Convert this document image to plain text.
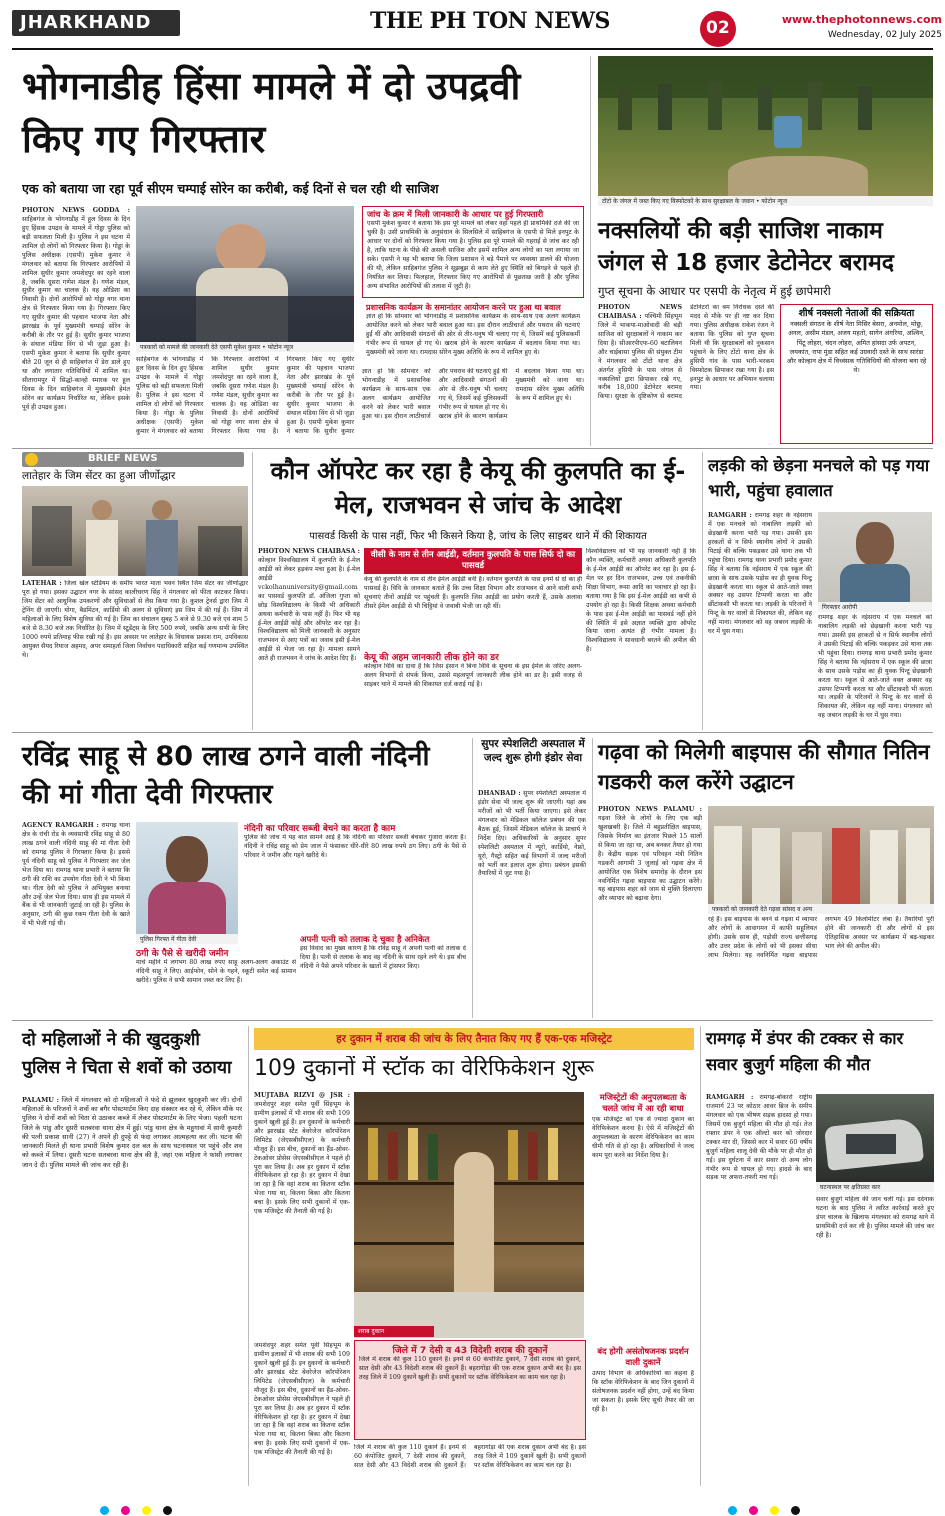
JHARKHAND	THE PH TON NEWS	02	www.thephotonnews.com
Wednesday, 02 July 2025
भोगनाडीह हिंसा मामले में दो उपद्रवी किए गए गिरफ्तार
एक को बताया जा रहा पूर्व सीएम चम्पाई सोरेन का करीबी, कई दिनों से चल रही थी साजिश

PHOTON NEWS GODDA : साहिबगंज के भोगनाडीह में हूल दिवस के दिन हुए हिंसक उपद्रव के मामले में गोड्डा पुलिस को बड़ी सफलता मिली है। पुलिस ने इस घटना में शामिल दो लोगों को गिरफ्तार किया है। गोड्डा के पुलिस अधीक्षक (एसपी) मुकेश कुमार ने मंगलवार को बताया कि गिरफ्तार आरोपियों में शामिल सुधीर कुमार जमशेदपुर का रहने वाला है, जबकि दूसरा गणेश मंडल है। गणेश मंडल, सुधीर कुमार का चालक है। वह ओडिशा का निवासी है। दोनों आरोपियों को गोड्डा नगर थाना क्षेत्र से गिरफ्तार किया गया है। गिरफ्तार किए गए सुधीर कुमार की पहचान भाजपा नेता और झारखंड के पूर्व मुख्यमंत्री चम्पाई सोरेन के करीबी के तौर पर हुई है। सुधीर कुमार भाजपा के संथाल मंडिया विंग से भी जुड़ा हुआ है। एसपी मुकेश कुमार ने बताया कि सुधीर कुमार बीते 20 जून से ही साहिबगंज में डेरा डाले हुए था और लगातार गतिविधियों में शामिल था। सीतारामपुर में सिद्धो-कान्हो स्मारक पर हूल दिवस के दिन साहिबगंज में मुख्यमंत्री हेमंत सोरेन का कार्यक्रम निर्धारित था, लेकिन इसके पूर्व ही उपद्रव हुआ।

पत्रकारों को मामले की जानकारी देते एसपी मुकेश कुमार • फोटोन न्यूज

साहिबगंज के भोगनाडीह में हूल दिवस के दिन हुए हिंसक उपद्रव के मामले में गोड्डा पुलिस को बड़ी सफलता मिली है। पुलिस ने इस घटना में शामिल दो लोगों को गिरफ्तार किया है। गोड्डा के पुलिस अधीक्षक (एसपी) मुकेश कुमार ने मंगलवार को बताया कि गिरफ्तार आरोपियों में शामिल सुधीर कुमार जमशेदपुर का रहने वाला है, जबकि दूसरा गणेश मंडल है। गणेश मंडल, सुधीर कुमार का चालक है। वह ओडिशा का निवासी है। दोनों आरोपियों को गोड्डा नगर थाना क्षेत्र से गिरफ्तार किया गया है। गिरफ्तार किए गए सुधीर कुमार की पहचान भाजपा नेता और झारखंड के पूर्व मुख्यमंत्री चम्पाई सोरेन के करीबी के तौर पर हुई है। सुधीर कुमार भाजपा के संथाल मंडिया विंग से भी जुड़ा हुआ है। एसपी मुकेश कुमार ने बताया कि सुधीर कुमार

जांच के क्रम में मिली जानकारी के आधार पर हुई गिरफ्तारी
एसपी मुकेश कुमार ने बताया कि इस पूरे मामले को लेकर वहां पहले ही प्राथमिकी दर्ज की जा चुकी है। उसी प्राथमिकी के अनुसंधान के सिलसिले में साहिबगंज के एसपी से मिले इनपुट के आधार पर दोनों को गिरफ्तार किया गया है। पुलिस इस पूरे मामले की गहराई से जांच कर रही है, ताकि घटना के पीछे की असली साजिश और इसमें शामिल अन्य लोगों का पता लगाया जा सके। एसपी ने यह भी बताया कि जिला प्रशासन ने बड़े पैमाने पर व्यवस्था डालने की योजना की थी, लेकिन साहिबगंज पुलिस ने सूझबूझ से काम लेते हुए स्थिति को बिगड़ने से पहले ही नियंत्रित कर लिया। फिलहाल, गिरफ्तार किए गए आरोपियों से पूछताछ जारी है और पुलिस अन्य संभावित आरोपियों की तलाश में जुटी है।
प्रशासनिक कार्यक्रम के समानांतर आयोजन करने पर हुआ था बवाल
ज्ञात हो कि सोमवार को भोगनाडीह में प्रशासनिक कार्यक्रम के साथ-साथ एक अलग कार्यक्रम आयोजित करने को लेकर भारी बवाल हुआ था। इस दौरान लाठीचार्ज और पथराव की घटनाएं हुईं थीं और आदिवासी संगठनों की ओर से तीर-धनुष भी चलाए गए थे, जिसमें कई पुलिसकर्मी गंभीर रूप से घायल हो गए थे। खराब होने के कारण कार्यक्रम में बदलाव किया गया था। मुख्यमंत्री को जाना था। रामदास सोरेन मुख्य अतिथि के रूप में शामिल हुए थे।

ज्ञात हो कि सोमवार को भोगनाडीह में प्रशासनिक कार्यक्रम के साथ-साथ एक अलग कार्यक्रम आयोजित करने को लेकर भारी बवाल हुआ था। इस दौरान लाठीचार्ज और पथराव की घटनाएं हुईं थीं और आदिवासी संगठनों की ओर से तीर-धनुष भी चलाए गए थे, जिसमें कई पुलिसकर्मी गंभीर रूप से घायल हो गए थे। खराब होने के कारण कार्यक्रम में बदलाव किया गया था। मुख्यमंत्री को जाना था। रामदास सोरेन मुख्य अतिथि के रूप में शामिल हुए थे।

टोंटो के जंगल में जब्त किए गए विस्फोटकों के साथ सुरक्षाबल के जवान • फोटोन न्यूज
नक्सलियों की बड़ी साजिश नाकाम जंगल से 18 हजार डेटोनेटर बरामद
गुप्त सूचना के आधार पर एसपी के नेतृत्व में हुई छापेमारी

PHOTON NEWS CHAIBASA : पश्चिमी सिंहभूम जिले में भाकपा-माओवादी की बड़ी साजिश को सुरक्षाबलों ने नाकाम कर दिया है। सीआरपीएफ-60 बटालियन और चाईबासा पुलिस की संयुक्त टीम ने मंगलवार को टोंटो थाना क्षेत्र अंतर्गत हुसिपी के पास जंगल से नक्सलियों द्वारा छिपाकर रखे गए, करीब 18,000 डेटोनेटर बरामद किया। सुरक्षा के दृष्टिकोण से बरामद डेटोनेटरों का बम निरोधक दस्ते की मदद से मौके पर ही नष्ट कर दिया गया। पुलिस अधीक्षक राकेश रंजन ने बताया कि पुलिस को गुप्त सूचना मिली थी कि सुरक्षाबलों को नुकसान पहुंचाने के लिए टोंटो थाना क्षेत्र के हुसिपी गांव के पास भारी-भरकम विस्फोटक छिपाकर रखा गया है। इस इनपुट के आधार पर अभियान चलाया गया।

शीर्ष नक्सली नेताओं की सक्रियता
नक्सली संगठन के शीर्ष नेता मिसिर बेसरा, अनमोल, मोछु, अनल, असीम मंडल, अजय महतो, सागेन अंगरिया, अश्विन, पिंटू लोहरा, चंदन लोहरा, अमित हांसदा उर्फ अपटन, जयकांत, रापा मुंडा सहित कई उग्रवादी दस्ते के साथ सारंडा और कोल्हान क्षेत्र में विध्वंसक गतिविधियों की योजना बना रहे थे।
BRIEF NEWS
लातेहार के जिम सेंटर का हुआ जीर्णोद्धार

LATEHAR : जिला खेल स्टेडियम के समीप भारत माता भवन स्थित जिम सेंटर का जीर्णोद्धार पूरा हो गया। इसका उद्घाटन नगर के सांसद कालीचरण सिंह ने मंगलवार को फीता काटकर किया। जिम सेंटर को आधुनिक उपकरणों और सुविधाओं से लैस किया गया है। कुशल ट्रेनर्स द्वारा जिम में ट्रेनिंग दी जाएगी। योगा, बैडमिंटन, कार्डियो की अलग से सुविधाएं इस जिम में की गई हैं। जिम में महिलाओं के लिए विशेष सुविधा की गई है। जिम का संचालन सुबह 5 बजे से 9.30 बजे एवं शाम 5 बजे से 8.30 बजे तक निर्धारित है। जिम में स्टूडेंट्स के लिए 500 रुपये, जबकि अन्य सभी के लिए 1000 रुपये प्रतिमाह फीस रखी गई है। इस अवसर पर लातेहार के विधायक प्रकाश राम, उपविकास आयुक्त सैयद रियाज अहमद, अपर समाहर्ता जिला निर्वाचन पदाधिकारी सहित कई गणमान्य उपस्थित थे।

कौन ऑपरेट कर रहा है केयू की कुलपति का ई-मेल, राजभवन से जांच के आदेश
पासवर्ड किसी के पास नहीं, फिर भी किसने किया है, जांच के लिए साइबर थाने में की शिकायत

PHOTON NEWS CHAIBASA : कोल्हान विश्वविद्यालय में कुलपति के ई-मेल आईडी को लेकर हड़कंप मचा हुआ है। ई-मेल आईडी vckolhanuniversity@gmail.com का पासवर्ड कुलपति डॉ. अंजिला गुप्ता को छोड़ विश्वविद्यालय के किसी भी अधिकारी अथवा कर्मचारी के पास नहीं है। फिर भी यह ई-मेल आईडी कोई और ऑपरेट कर रहा है। विश्वविद्यालय को मिली जानकारी के अनुसार राजभवन से आए पत्रों का जवाब इसी ई-मेल आईडी से भेजा जा रहा है। मामला सामने आते ही राजभवन ने जांच के आदेश दिए हैं।

वीसी के नाम से तीन आईडी, वर्तमान कुलपति के पास सिर्फ दो का पासवर्ड
केयू की कुलपति के नाम से तीन ईमेल आईडी बनी है। वर्तमान कुलपति के पास इनमें से दो का ही पासवर्ड है। विवि के जानकार बताते हैं कि उच्च शिक्षा विभाग और राजभवन से आने वाली सभी सूचनाएं तीनों आईडी पर पहुंचती हैं। कुलपति जिस आईडी का प्रयोग करती हैं, उसके अलावा तीसरे ईमेल आईडी से भी चिट्ठियां वे जवाबी भेजी जा रही थीं।
केयू की अहम जानकारी लीक होने का डर
कोल्हान विवि का दावा है कि जिस इंसान ने बिना विवि के सूचना के इस ईमेल के जरिए अलग-अलग विभागों से संपर्क किया, उससे महत्वपूर्ण जानकारी लीक होने का डर है। इसी वजह से साइबर थाने में मामले की शिकायत दर्ज कराई गई है।

विश्वविद्यालय को भी यह जानकारी नहीं है कि कौन व्यक्ति, कर्मचारी अथवा अधिकारी कुलपति के ई-मेल आईडी का ऑपरेट कर रहा है। इस ई-मेल पर हर दिन राजभवन, उच्च एवं तकनीकी शिक्षा विभाग, रूसा आदि का पत्राचार हो रहा है। बताया गया है कि इस ई-मेल आईडी का कभी से उपयोग हो रहा है। किसी शिक्षक अथवा कर्मचारी के पास इस ई-मेल आईडी का पासवर्ड नहीं होने की स्थिति में इसे अज्ञात व्यक्ति द्वारा ऑपरेट किया जाना अत्यंत ही गंभीर मामला है। विश्वविद्यालय ने सावधानी बरतने की अपील की है।

लड़की को छेड़ना मनचले को पड़ गया भारी, पहुंचा हवालात

RAMGARH : रामगढ़ शहर के नईसराय में एक मनचले को नाबालिग लड़की को छेड़खानी करना भारी पड़ गया। उसकी इस हरकतों से न सिर्फ स्थानीय लोगों ने उसकी पिटाई की बल्कि पकड़कर उसे थाना तक भी पहुंचा दिया। रामगढ़ थाना प्रभारी प्रमोद कुमार सिंह ने बताया कि नईसराय में एक स्कूल की छात्रा के साथ उसके पड़ोस का ही युवक पिन्टू छेड़खानी करता था। स्कूल से आते-जाते वक्त अक्सर वह उसपर टिप्पणी करता था और छींटाकशी भी करता था। लड़की के परिजनों ने पिन्टू के घर वालों से शिकायत की, लेकिन वह नहीं माना। मंगलवार को वह जबरन लड़की के घर में घुस गया।

गिरफ्तार आरोपी

रामगढ़ शहर के नईसराय में एक मनचले को नाबालिग लड़की को छेड़खानी करना भारी पड़ गया। उसकी इस हरकतों से न सिर्फ स्थानीय लोगों ने उसकी पिटाई की बल्कि पकड़कर उसे थाना तक भी पहुंचा दिया। रामगढ़ थाना प्रभारी प्रमोद कुमार सिंह ने बताया कि नईसराय में एक स्कूल की छात्रा के साथ उसके पड़ोस का ही युवक पिन्टू छेड़खानी करता था। स्कूल से आते-जाते वक्त अक्सर वह उसपर टिप्पणी करता था और छींटाकशी भी करता था। लड़की के परिजनों ने पिन्टू के घर वालों से शिकायत की, लेकिन वह नहीं माना। मंगलवार को वह जबरन लड़की के घर में घुस गया।

रविंद्र साहू से 80 लाख ठगने वाली नंदिनी की मां गीता देवी गिरफ्तार

AGENCY RAMGARH : रामगढ़ थाना क्षेत्र के रांची रोड के व्यवसायी रविंद्र साहू से 80 लाख ठगने वाली नंदिनी साहू की मां गीता देवी को रामगढ़ पुलिस ने गिरफ्तार किया है। इससे पूर्व नंदिनी साहू को पुलिस ने गिरफ्तार कर जेल भेज दिया था। रामगढ़ थाना प्रभारी ने बताया कि ठगी की राशि का उपयोग गीता देवी ने भी किया था। गीता देवी को पुलिस ने अभियुक्त बनाया और उन्हें जेल भेजा दिया। साथ ही इस मामले में बैंक से भी जानकारी जुटाई जा रही है। पुलिस के अनुसार, ठगी की कुछ रकम गीता देवी के खाते में भी भेजी गई थी।

पुलिस गिरफ्त में गीता देवी
नंदिनी का परिवार सब्जी बेचने का करता है काम
पुलिस की जांच में यह बात सामने आई है कि नंदिनी का परिवार सब्जी बेचकर गुजारा करता है। नंदिनी ने रविंद्र साहू को प्रेम जाल में फंसाकर धीरे-धीरे 80 लाख रुपये ठग लिए। ठगी के पैसे से परिवार ने जमीन और गहने खरीदे थे।
ठगी के पैसे से खरीदी जमीन
मार्च महीने में लगभग 80 लाख रुपए साहू अलग-अलग अकाउंट से नंदिनी साहू ने लिए। आईफोन, सोने के गहने, स्कूटी समेत कई सामान खरीदे। पुलिस ने सभी सामान जब्त कर लिए हैं।
अपनी पत्नी को तलाक दे चुका है अनिकेत
इस विवाद का मुख्य कारण है कि रविंद्र साहू ने अपनी पत्नी को तलाक दे दिया है। पत्नी से तलाक के बाद वह नंदिनी के साथ रहने लगे थे। इस बीच नंदिनी ने पैसे अपने परिवार के खातों में ट्रांसफर किए।
सुपर स्पेशलिटी अस्पताल में जल्द शुरू होगी इंडोर सेवा

DHANBAD : सुपर स्पेशलिटी अस्पताल में इंडोर सेवा भी जल्द शुरू की जाएगी। यहां अब मरीजों को भी भर्ती किया जाएगा। इसे लेकर मंगलवार को मेडिकल कॉलेज प्रबंधन की एक बैठक हुई, जिसमें मेडिकल कॉलेज के प्राचार्य ने निर्देश दिए। अधिकारियों के अनुसार सुपर स्पेशलिटी अस्पताल में न्यूरो, कार्डियो, नेफ्रो, यूरो, गैस्ट्रो सहित कई विभागों में जल्द मरीजों को भर्ती कर इलाज शुरू होगा। प्रबंधन इसकी तैयारियों में जुट गया है।

गढ़वा को मिलेगी बाइपास की सौगात नितिन गडकरी कल करेंगे उद्घाटन

PHOTON NEWS PALAMU : गढ़वा जिले के लोगों के लिए एक बड़ी खुशखबरी है। जिले में बहुप्रतीक्षित बाइपास, जिसके निर्माण का इंतजार पिछले 15 सालों से किया जा रहा था, अब बनकर तैयार हो गया है। केंद्रीय सड़क एवं परिवहन मंत्री नितिन गडकरी आगामी 3 जुलाई को गढ़वा क्षेत्र में आयोजित एक विशेष समारोह के दौरान इस नवनिर्मित गढ़वा बाइपास का उद्घाटन करेंगे। यह बाइपास शहर को जाम से मुक्ति दिलाएगा और व्यापार को बढ़ावा देगा।

पत्रकारों को जानकारी देते गढ़वा सांसद व अन्य

रहे हैं। इस बाइपास के बनने से गढ़वा में व्यापार और लोगों के आवागमन में काफी सहूलियत होगी। उसके साथ ही, पड़ोसी राज्य छत्तीसगढ़ और उत्तर प्रदेश के लोगों को भी इसका सीधा लाभ मिलेगा। यह नवनिर्मित गढ़वा बाइपास लगभग 49 किलोमीटर लंबा है। तैयारियों पूरी होने की जानकारी दी और लोगों से इस ऐतिहासिक अवसर पर कार्यक्रम में बढ़-चढ़कर भाग लेने की अपील की।

दो महिलाओं ने की खुदकुशी पुलिस ने चिता से शवों को उठाया

PALAMU : जिले में मंगलवार को दो महिलाओं ने फंदे से झूलकर खुदकुशी कर ली। दोनों महिलाओं के परिजनों ने शवों का बगैर पोस्टमार्टम किए दाह संस्कार कर रहे थे, लेकिन मौके पर पुलिस ने दोनों शवों को चिता से उठाकर कब्जे में लेकर पोस्टमार्टम के लिए भेजा। पहली घटना जिले के पांडु और दूसरी सतबरवा थाना क्षेत्र में हुई। पांडु थाना क्षेत्र के महुगावां में सानी कुमारी की पत्नी प्रकाश सानी (27) ने अपने ही दुपट्टे से फंदा लगाकर आत्महत्या कर ली। घटना की जानकारी मिलते ही थाना प्रभारी विशेष कुमार दल बल के साथ घटनास्थल पर पहुंचे और शव को कब्जे में लिया। दूसरी घटना सतबरवा थाना क्षेत्र की है, जहां एक महिला ने फांसी लगाकर जान दे दी। पुलिस मामले की जांच कर रही है।

हर दुकान में शराब की जांच के लिए तैनात किए गए हैं एक-एक मजिस्ट्रेट
109 दुकानों में स्टॉक का वेरिफिकेशन शुरू

MUJTABA RIZVI @ JSR : जमशेदपुर शहर समेत पूर्वी सिंहभूम के ग्रामीण इलाकों में भी शराब की सभी 109 दुकानें खुली हुई हैं। इन दुकानों के कर्मचारी और झारखंड स्टेट बेवरेजेज कॉरपोरेशन लिमिटेड (जेएसबीसीएल) के कर्मचारी मौजूद हैं। इस बीच, दुकानों का हैंड-ओवर-टेकओवर प्रोसेस जेएसबीसीएल ने पहले ही पूरा कर लिया है। अब हर दुकान में स्टॉक वेरिफिकेशन हो रहा है। हर दुकान में देखा जा रहा है कि वहां शराब का कितना स्टॉक भेजा गया था, कितना बिका और कितना बचा है। इसके लिए सभी दुकानों में एक-एक मजिस्ट्रेट की तैनाती की गई है।

शराब दुकान
जिले में 7 देसी व 43 विदेशी शराब की दुकानें
जिले में शराब की कुल 110 दुकानें हैं। इनमें से 60 कंपोजिट दुकानें, 7 देसी शराब की दुकानें, सात देसी और 43 विदेशी शराब की दुकानें हैं। बहरागोड़ा की एक शराब दुकान अभी बंद है। इस तरह जिले में 109 दुकानें खुली हैं। सभी दुकानों पर स्टॉक वेरिफिकेशन का काम चल रहा है।

जमशेदपुर शहर समेत पूर्वी सिंहभूम के ग्रामीण इलाकों में भी शराब की सभी 109 दुकानें खुली हुई हैं। इन दुकानों के कर्मचारी और झारखंड स्टेट बेवरेजेज कॉरपोरेशन लिमिटेड (जेएसबीसीएल) के कर्मचारी मौजूद हैं। इस बीच, दुकानों का हैंड-ओवर-टेकओवर प्रोसेस जेएसबीसीएल ने पहले ही पूरा कर लिया है। अब हर दुकान में स्टॉक वेरिफिकेशन हो रहा है। हर दुकान में देखा जा रहा है कि वहां शराब का कितना स्टॉक भेजा गया था, कितना बिका और कितना बचा है। इसके लिए सभी दुकानों में एक-एक मजिस्ट्रेट की तैनाती की गई है।

जिले में शराब की कुल 110 दुकानें हैं। इनमें से 60 कंपोजिट दुकानें, 7 देसी शराब की दुकानें, सात देसी और 43 विदेशी शराब की दुकानें हैं। बहरागोड़ा की एक शराब दुकान अभी बंद है। इस तरह जिले में 109 दुकानें खुली हैं। सभी दुकानों पर स्टॉक वेरिफिकेशन का काम चल रहा है।

मजिस्ट्रेटों की अनुपलब्धता के चलते जांच में आ रही बाधा
एक मजिस्ट्रेट को एक से ज्यादा दुकान का वेरिफिकेशन करना है। ऐसे में मजिस्ट्रेटों की अनुपलब्धता के कारण वेरिफिकेशन का काम धीमी गति से हो रहा है। अधिकारियों ने जल्द काम पूरा करने का निर्देश दिया है।
बंद होगी असंतोषजनक प्रदर्शन वाली दुकानें
उत्पाद विभाग के अधिकारियों का कहना है कि स्टॉक वेरिफिकेशन के बाद जिन दुकानों में संतोषजनक प्रदर्शन नहीं होगा, उन्हें बंद किया जा सकता है। इसके लिए सूची तैयार की जा रही है।
रामगढ़ में डंपर की टक्कर से कार सवार बुजुर्ग महिला की मौत

RAMGARH : रामगढ़-बोकारो राष्ट्रीय राजमार्ग 23 पर कोठार आवर ब्रिज के समीप मंगलवार को एक भीषण सड़क हादसा हो गया। जिसमें एक बुजुर्ग महिला की मौत हो गई। तेज रफ्तार डंपर ने एक ऑल्टो कार को जोरदार टक्कर मार दी, जिससे कार में सवार 60 वर्षीय बुजुर्ग महिला शालू देवी की मौके पर ही मौत हो गई। इस दुर्घटना में कार सवार दो अन्य लोग गंभीर रूप से घायल हो गए। हादसे के बाद सड़क पर अफरा-तफरी मच गई।

घटनास्थल पर क्षतिग्रस्त कार

सवार बुजुर्ग महिला की जान चली गई। इस दर्दनाक घटना के बाद पुलिस ने त्वरित कार्रवाई करते हुए डंपर चालक के खिलाफ मंगलवार को रामगढ़ थाने में प्राथमिकी दर्ज कर ली है। पुलिस मामले की जांच कर रही है।
